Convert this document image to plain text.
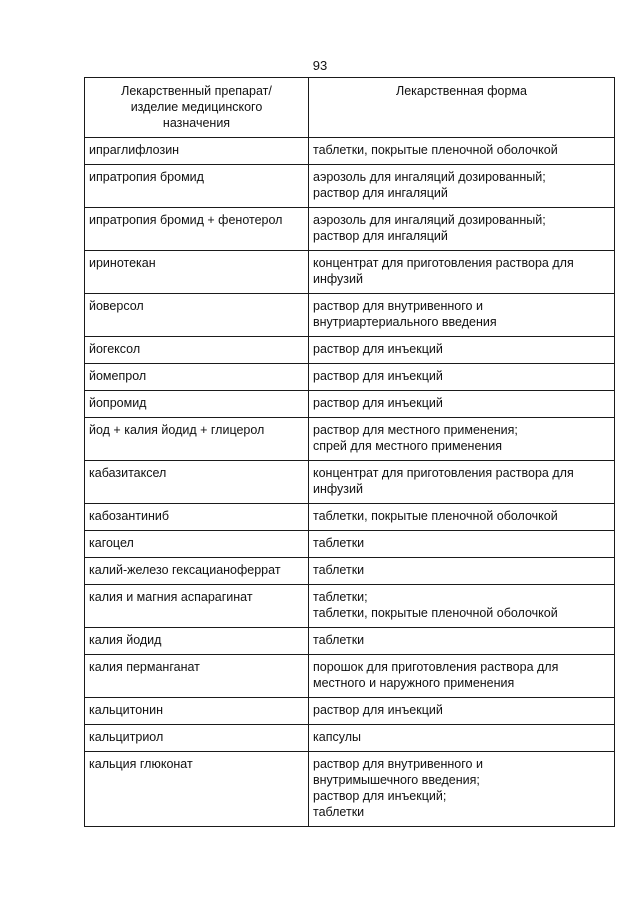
93
Лекарственный препарат/
изделие медицинского
назначения	Лекарственная форма
ипраглифлозин	таблетки, покрытые пленочной оболочкой
ипратропия бромид	аэрозоль для ингаляций дозированный;
раствор для ингаляций
ипратропия бромид + фенотерол	аэрозоль для ингаляций дозированный;
раствор для ингаляций
иринотекан	концентрат для приготовления раствора для
инфузий
йоверсол	раствор для внутривенного и
внутриартериального введения
йогексол	раствор для инъекций
йомепрол	раствор для инъекций
йопромид	раствор для инъекций
йод + калия йодид + глицерол	раствор для местного применения;
спрей для местного применения
кабазитаксел	концентрат для приготовления раствора для
инфузий
кабозантиниб	таблетки, покрытые пленочной оболочкой
кагоцел	таблетки
калий-железо гексацианоферрат	таблетки
калия и магния аспарагинат	таблетки;
таблетки, покрытые пленочной оболочкой
калия йодид	таблетки
калия перманганат	порошок для приготовления раствора для
местного и наружного применения
кальцитонин	раствор для инъекций
кальцитриол	капсулы
кальция глюконат	раствор для внутривенного и
внутримышечного введения;
раствор для инъекций;
таблетки
